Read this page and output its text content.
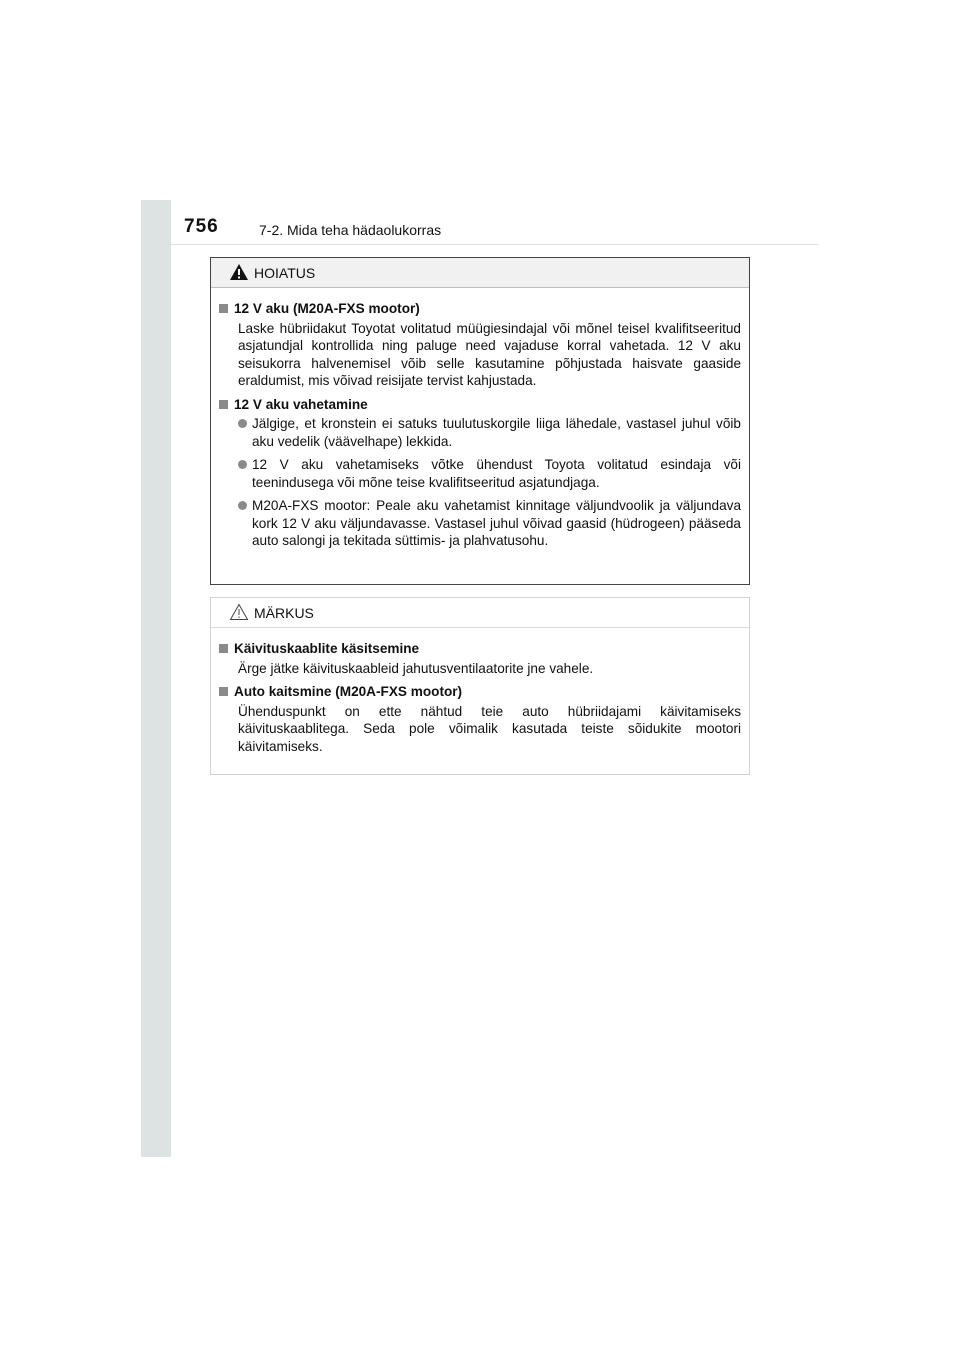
756	7-2. Mida teha hädaolukorras
HOIATUS
12 V aku (M20A-FXS mootor)
Laske hübriidakut Toyotat volitatud müügiesindajal või mõnel teisel kvalifitseeritud asjatundjal kontrollida ning paluge need vajaduse korral vahetada. 12 V aku seisukorra halvenemisel võib selle kasutamine põhjustada haisvate gaaside eraldumist, mis võivad reisijate tervist kahjustada.
12 V aku vahetamine
Jälgige, et kronstein ei satuks tuulutuskorgile liiga lähedale, vastasel juhul võib aku vedelik (väävelhape) lekkida.
12 V aku vahetamiseks võtke ühendust Toyota volitatud esindaja või teenindusega või mõne teise kvalifitseeritud asjatundjaga.
M20A-FXS mootor: Peale aku vahetamist kinnitage väljundvoolik ja väljundava kork 12 V aku väljundavasse. Vastasel juhul võivad gaasid (hüdrogeen) pääseda auto salongi ja tekitada süttimis- ja plahvatusohu.
MÄRKUS
Käivituskaablite käsitsemine
Ärge jätke käivituskaableid jahutusventilaatorite jne vahele.
Auto kaitsmine (M20A-FXS mootor)
Ühenduspunkt on ette nähtud teie auto hübriidajami käivitamiseks käivituskaablitega. Seda pole võimalik kasutada teiste sõidukite mootori käivitamiseks.
